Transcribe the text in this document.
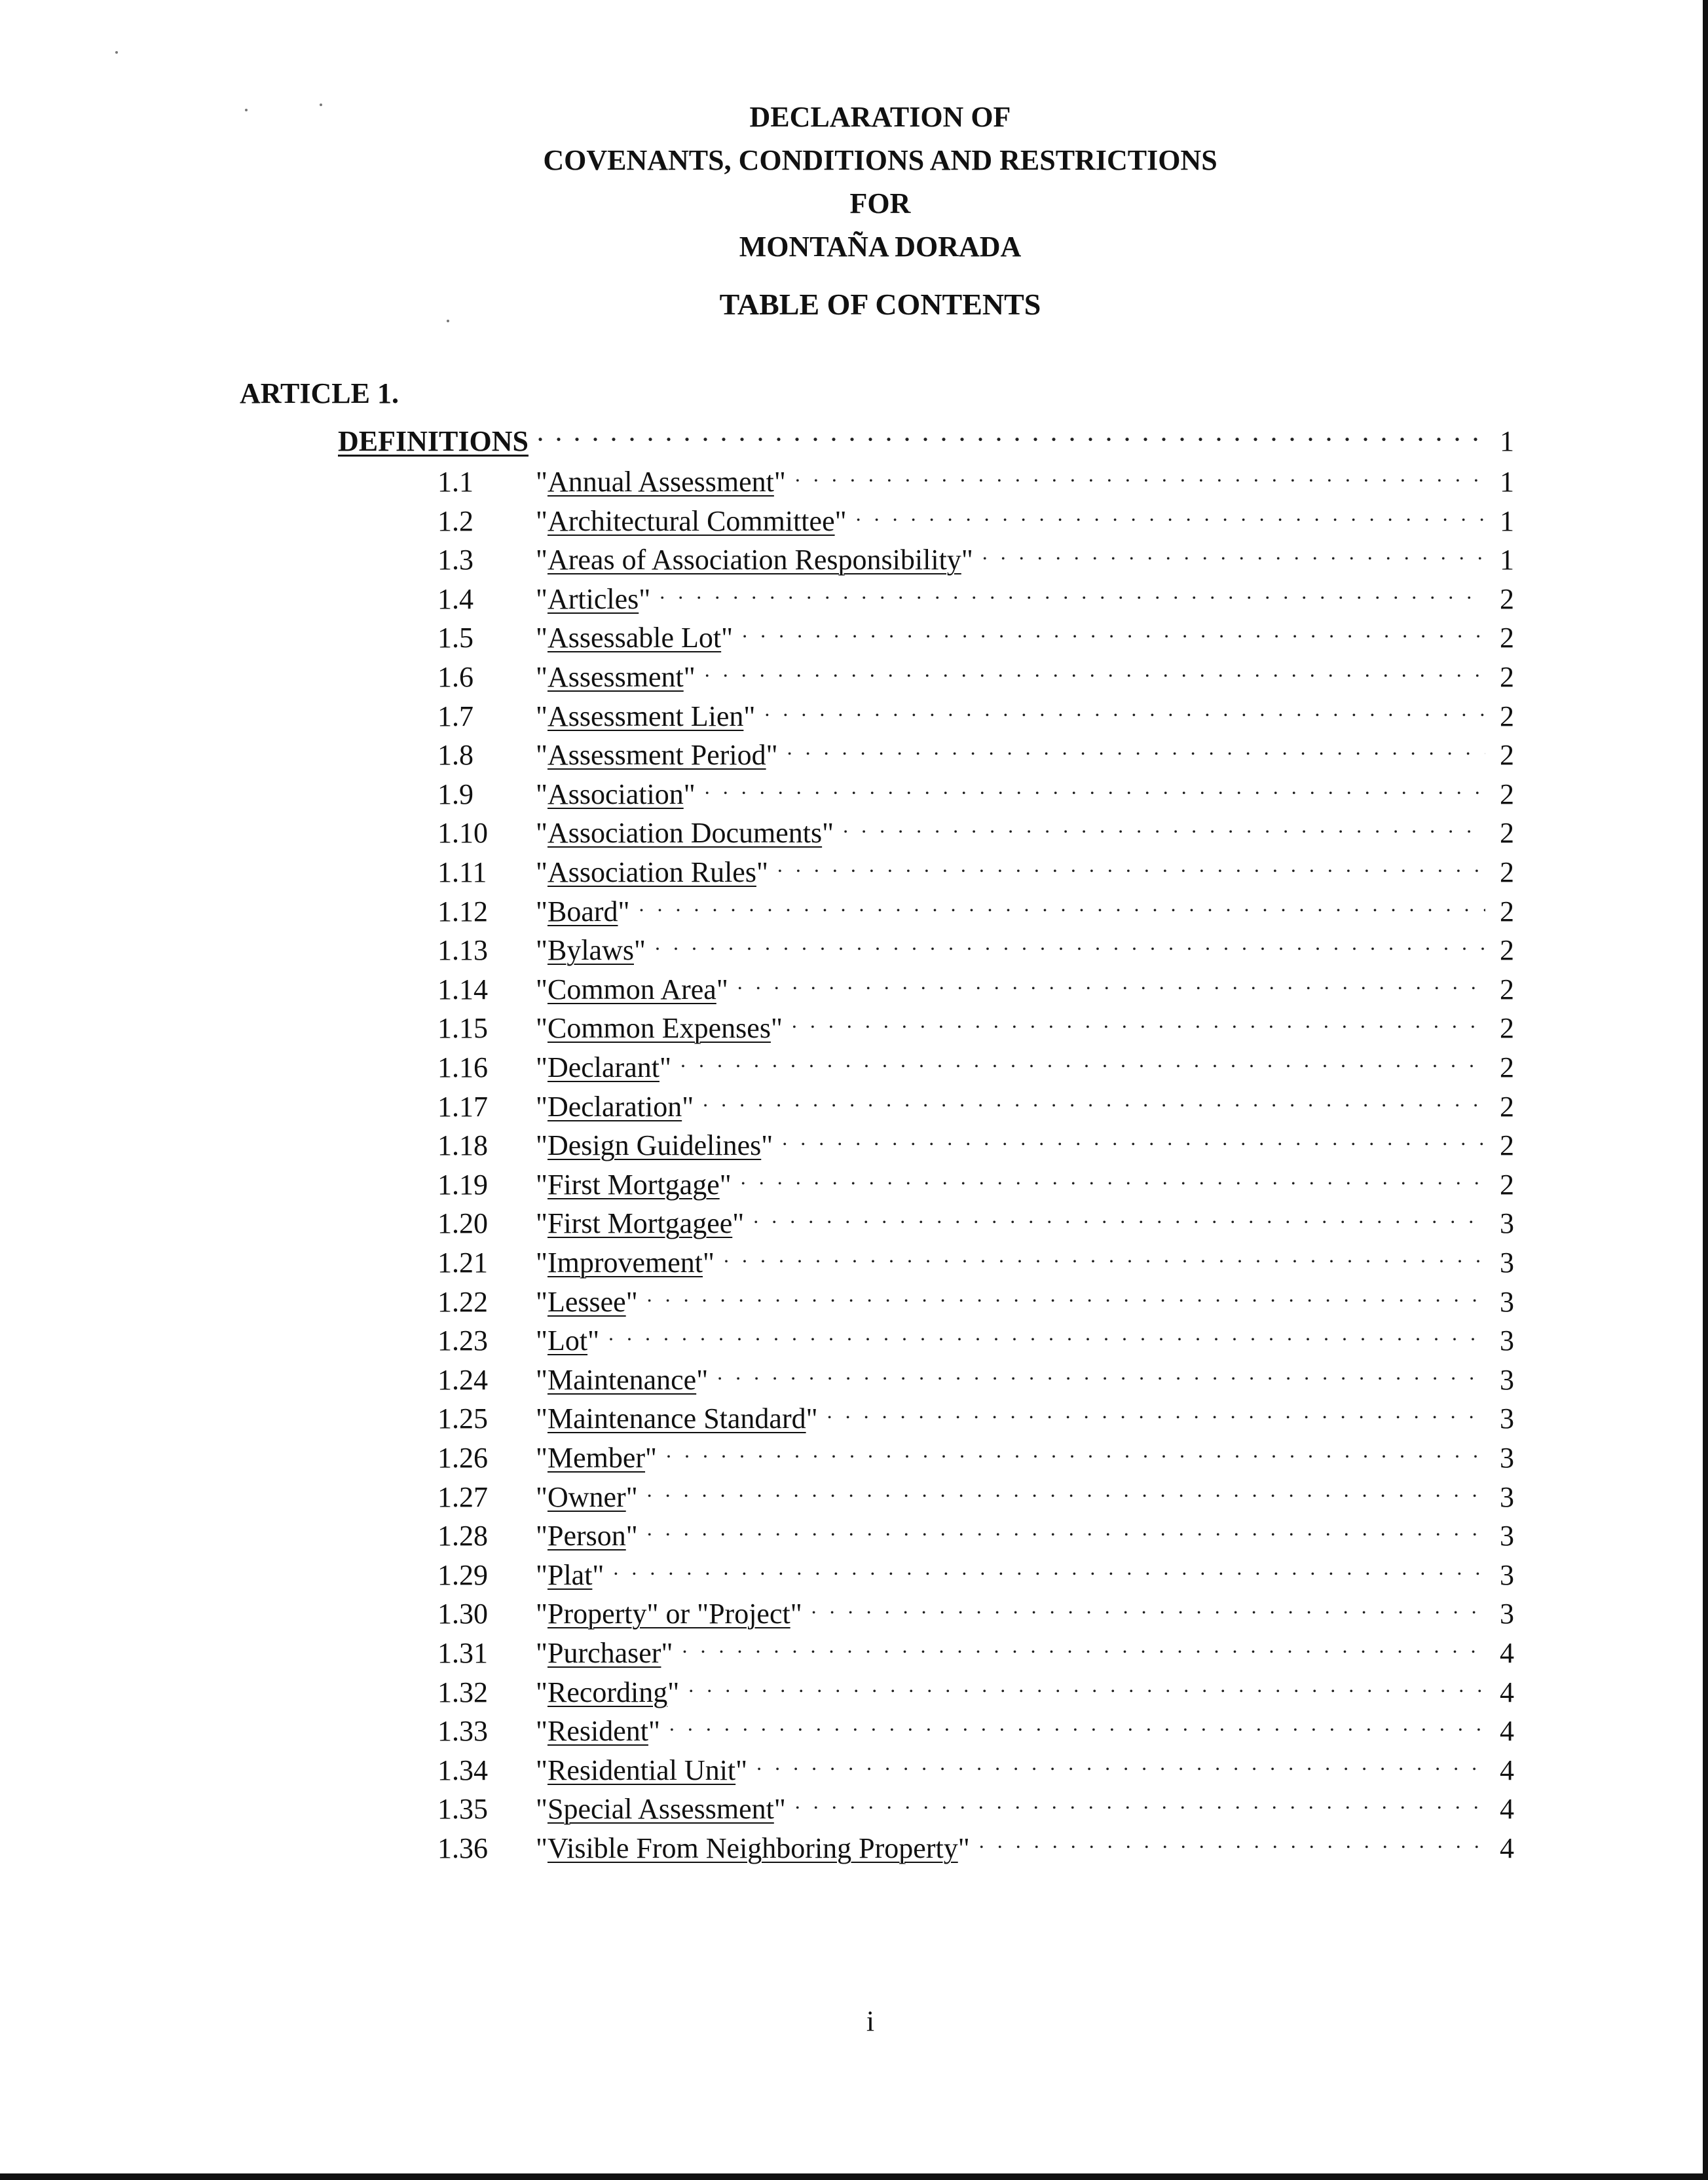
DECLARATION OF
COVENANTS, CONDITIONS AND RESTRICTIONS
FOR
MONTAÑA DORADA
TABLE OF CONTENTS
ARTICLE 1.
DEFINITIONS . . .	1
1.1	"Annual Assessment" . . .	1
1.2	"Architectural Committee" . . .	1
1.3	"Areas of Association Responsibility" . . .	1
1.4	"Articles" . . .	2
1.5	"Assessable Lot" . . .	2
1.6	"Assessment" . . .	2
1.7	"Assessment Lien" . . .	2
1.8	"Assessment Period" . . .	2
1.9	"Association" . . .	2
1.10	"Association Documents" . . .	2
1.11	"Association Rules" . . .	2
1.12	"Board" . . .	2
1.13	"Bylaws" . . .	2
1.14	"Common Area" . . .	2
1.15	"Common Expenses" . . .	2
1.16	"Declarant" . . .	2
1.17	"Declaration" . . .	2
1.18	"Design Guidelines" . . .	2
1.19	"First Mortgage" . . .	2
1.20	"First Mortgagee" . . .	3
1.21	"Improvement" . . .	3
1.22	"Lessee" . . .	3
1.23	"Lot" . . .	3
1.24	"Maintenance" . . .	3
1.25	"Maintenance Standard" . . .	3
1.26	"Member" . . .	3
1.27	"Owner" . . .	3
1.28	"Person" . . .	3
1.29	"Plat" . . .	3
1.30	"Property" or "Project" . . .	3
1.31	"Purchaser" . . .	4
1.32	"Recording" . . .	4
1.33	"Resident" . . .	4
1.34	"Residential Unit" . . .	4
1.35	"Special Assessment" . . .	4
1.36	"Visible From Neighboring Property" . . .	4
i
